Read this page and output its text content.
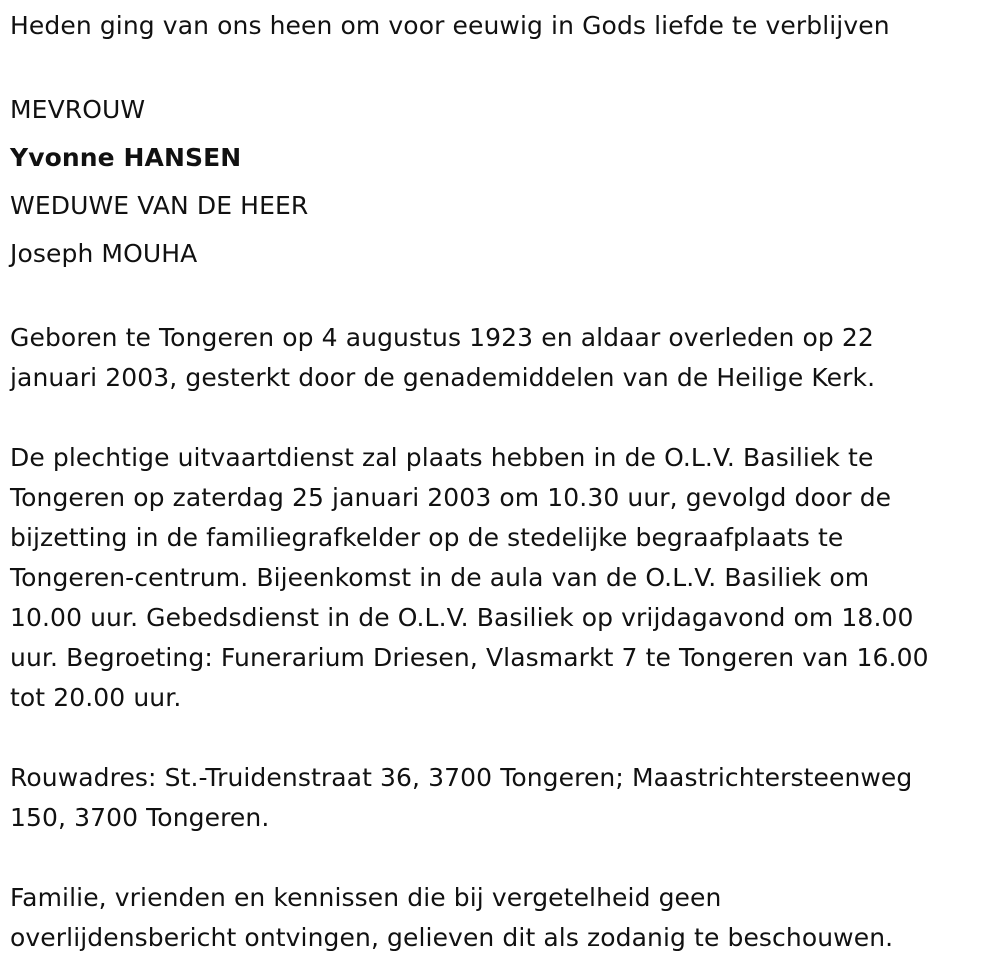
Heden ging van ons heen om voor eeuwig in Gods liefde te verblijven

MEVROUW

Yvonne HANSEN

WEDUWE VAN DE HEER

Joseph MOUHA

Geboren te Tongeren op 4 augustus 1923 en aldaar overleden op 22
januari 2003, gesterkt door de genademiddelen van de Heilige Kerk.

De plechtige uitvaartdienst zal plaats hebben in de O.L.V. Basiliek te
Tongeren op zaterdag 25 januari 2003 om 10.30 uur, gevolgd door de
bijzetting in de familiegrafkelder op de stedelijke begraafplaats te
Tongeren-centrum. Bijeenkomst in de aula van de O.L.V. Basiliek om
10.00 uur. Gebedsdienst in de O.L.V. Basiliek op vrijdagavond om 18.00
uur. Begroeting: Funerarium Driesen, Vlasmarkt 7 te Tongeren van 16.00
tot 20.00 uur.

Rouwadres: St.-Truidenstraat 36, 3700 Tongeren; Maastrichtersteenweg
150, 3700 Tongeren.

Familie, vrienden en kennissen die bij vergetelheid geen
overlijdensbericht ontvingen, gelieven dit als zodanig te beschouwen.
